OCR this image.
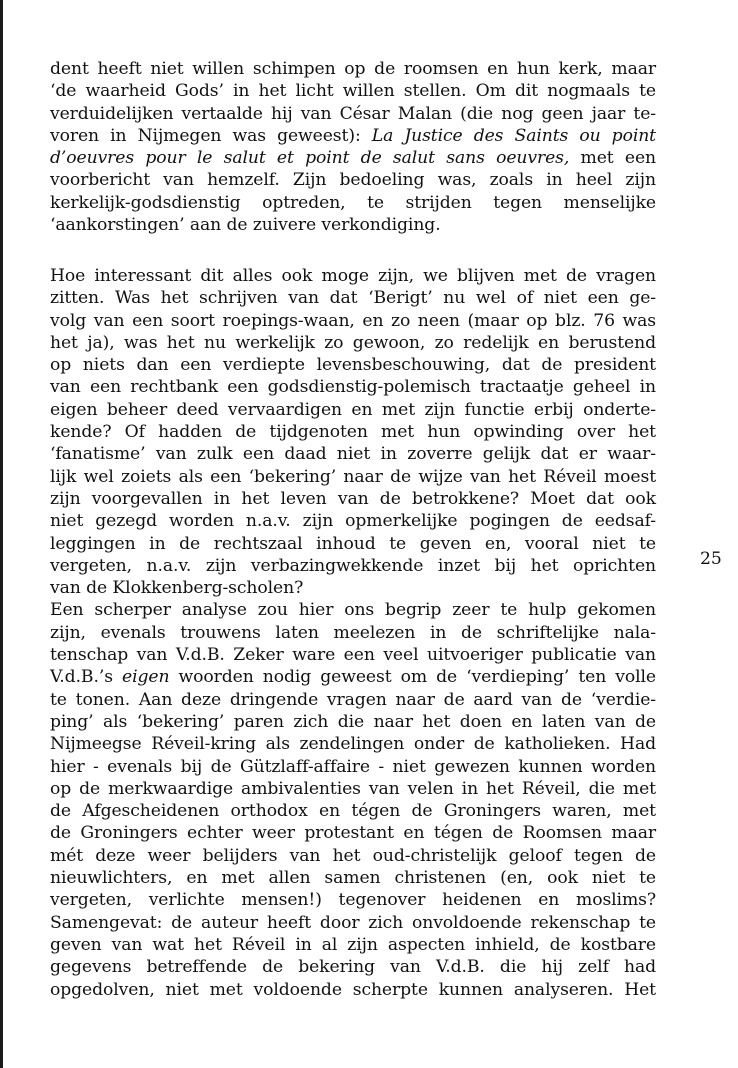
dent heeft niet willen schimpen op de roomsen en hun kerk, maar
‘de waarheid Gods’ in het licht willen stellen. Om dit nogmaals te
verduidelijken vertaalde hij van César Malan (die nog geen jaar te-
voren in Nijmegen was geweest): La Justice des Saints ou point
d’oeuvres pour le salut et point de salut sans oeuvres, met een
voorbericht van hemzelf. Zijn bedoeling was, zoals in heel zijn
kerkelijk-godsdienstig optreden, te strijden tegen menselijke
‘aankorstingen’ aan de zuivere verkondiging.
Hoe interessant dit alles ook moge zijn, we blijven met de vragen
zitten. Was het schrijven van dat ‘Berigt’ nu wel of niet een ge-
volg van een soort roepings-waan, en zo neen (maar op blz. 76 was
het ja), was het nu werkelijk zo gewoon, zo redelijk en berustend
op niets dan een verdiepte levensbeschouwing, dat de president
van een rechtbank een godsdienstig-polemisch tractaatje geheel in
eigen beheer deed vervaardigen en met zijn functie erbij onderte-
kende? Of hadden de tijdgenoten met hun opwinding over het
‘fanatisme’ van zulk een daad niet in zoverre gelijk dat er waar-
lijk wel zoiets als een ‘bekering’ naar de wijze van het Réveil moest
zijn voorgevallen in het leven van de betrokkene? Moet dat ook
niet gezegd worden n.a.v. zijn opmerkelijke pogingen de eedsaf-
leggingen in de rechtszaal inhoud te geven en, vooral niet te
vergeten, n.a.v. zijn verbazingwekkende inzet bij het oprichten
van de Klokkenberg-scholen?
Een scherper analyse zou hier ons begrip zeer te hulp gekomen
zijn, evenals trouwens laten meelezen in de schriftelijke nala-
tenschap van V.d.B. Zeker ware een veel uitvoeriger publicatie van
V.d.B.’s eigen woorden nodig geweest om de ‘verdieping’ ten volle
te tonen. Aan deze dringende vragen naar de aard van de ‘verdie-
ping’ als ‘bekering’ paren zich die naar het doen en laten van de
Nijmeegse Réveil-kring als zendelingen onder de katholieken. Had
hier - evenals bij de Gützlaff-affaire - niet gewezen kunnen worden
op de merkwaardige ambivalenties van velen in het Réveil, die met
de Afgescheidenen orthodox en tégen de Groningers waren, met
de Groningers echter weer protestant en tégen de Roomsen maar
mét deze weer belijders van het oud-christelijk geloof tegen de
nieuwlichters, en met allen samen christenen (en, ook niet te
vergeten, verlichte mensen!) tegenover heidenen en moslims?
Samengevat: de auteur heeft door zich onvoldoende rekenschap te
geven van wat het Réveil in al zijn aspecten inhield, de kostbare
gegevens betreffende de bekering van V.d.B. die hij zelf had
opgedolven, niet met voldoende scherpte kunnen analyseren. Het
25
